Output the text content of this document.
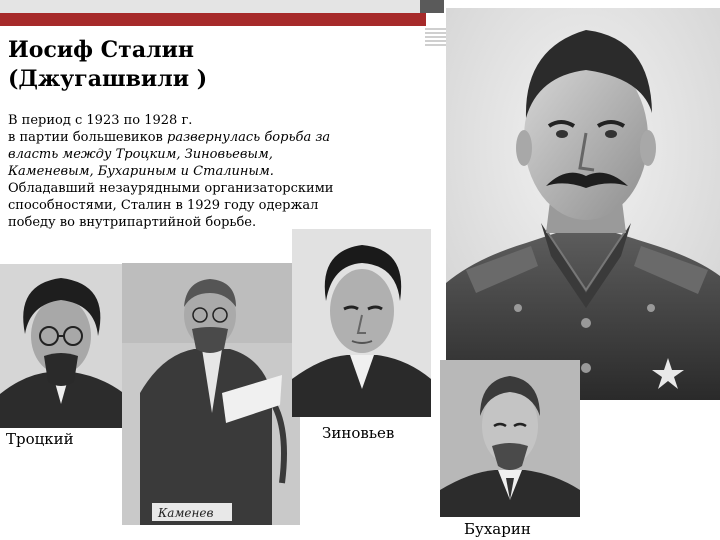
Иосиф Сталин
(Джугашвили )
В период с 1923 по 1928 г.
в партии большевиков развернулась борьба за
власть между Троцким, Зиновьевым,
Каменевым, Бухариным и Сталиным.
Обладавший незаурядными организаторскими
способностями, Сталин в 1929 году одержал
победу во внутрипартийной борьбе.
Троцкий
Каменев
Зиновьев
Бухарин
